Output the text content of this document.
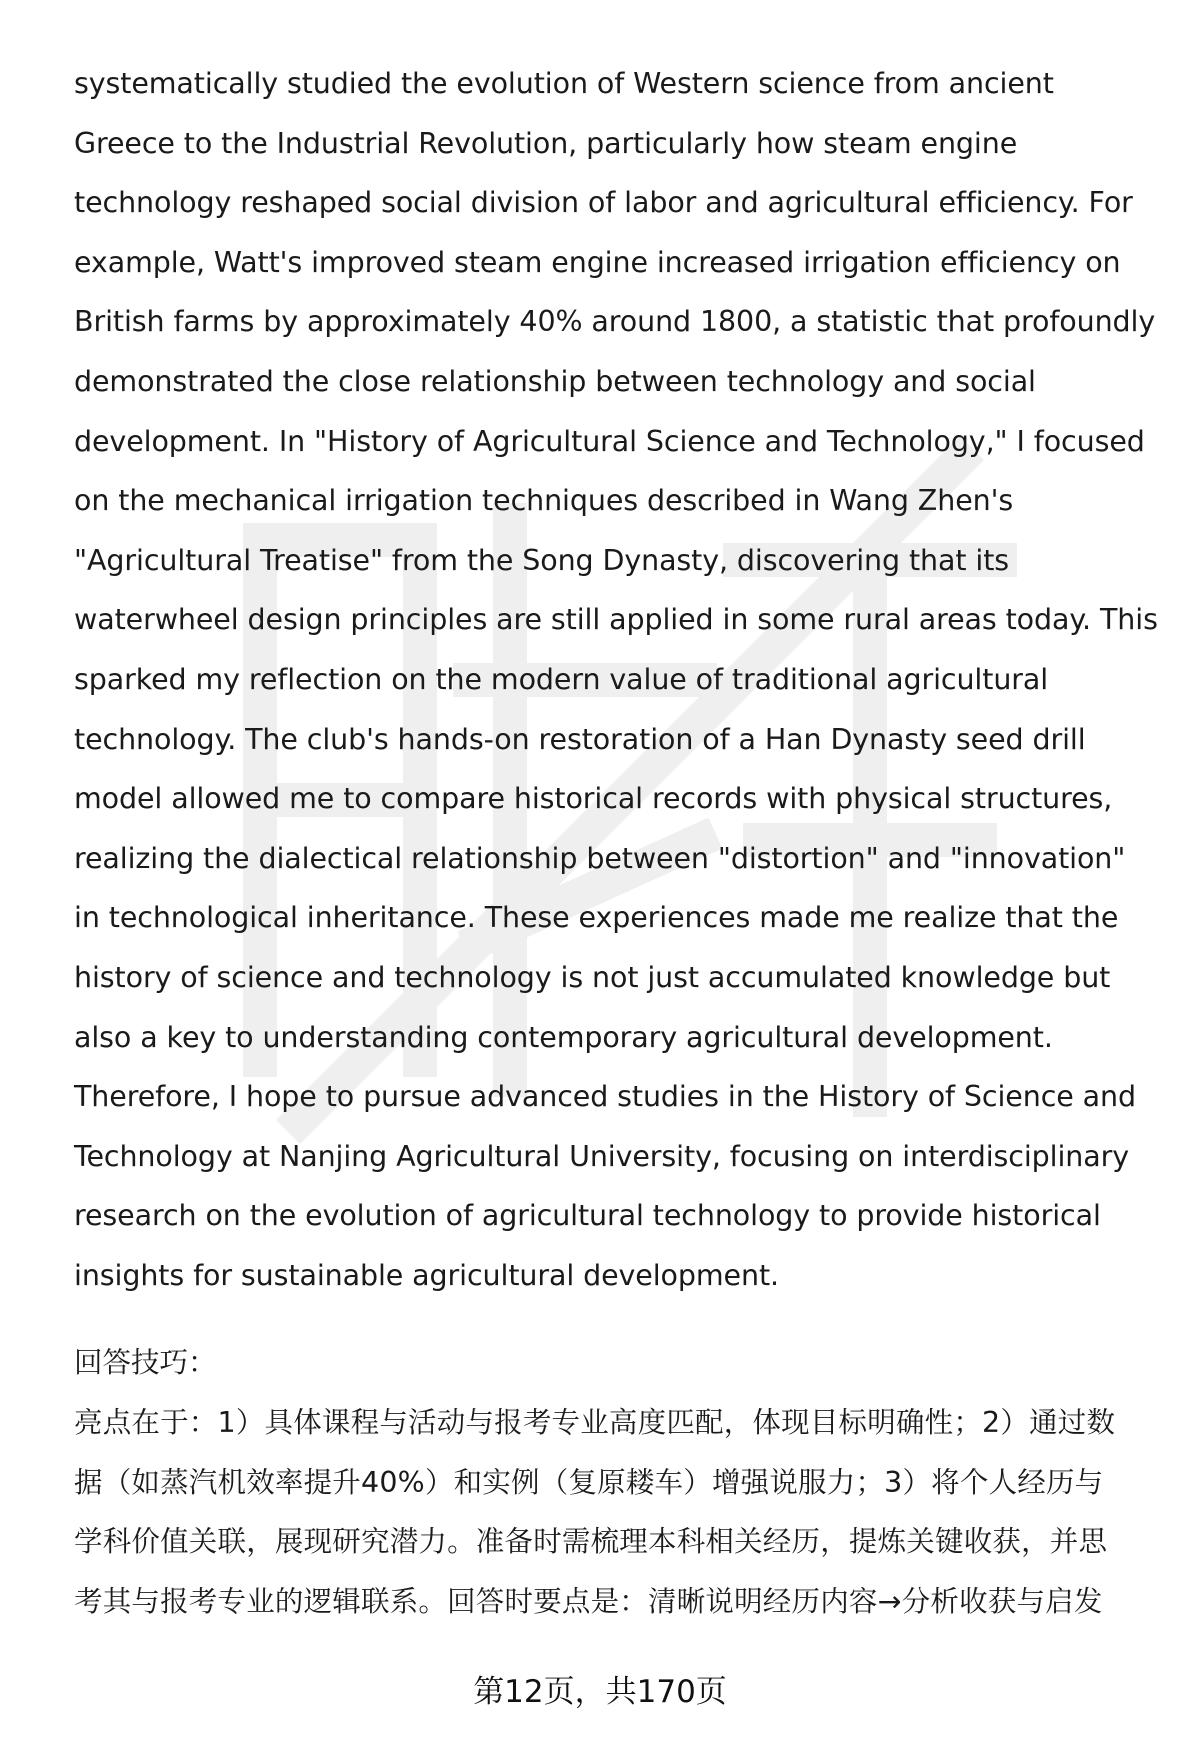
systematically studied the evolution of Western science from ancient
Greece to the Industrial Revolution, particularly how steam engine
technology reshaped social division of labor and agricultural efficiency. For
example, Watt's improved steam engine increased irrigation efficiency on
British farms by approximately 40% around 1800, a statistic that profoundly
demonstrated the close relationship between technology and social
development. In "History of Agricultural Science and Technology," I focused
on the mechanical irrigation techniques described in Wang Zhen's
"Agricultural Treatise" from the Song Dynasty, discovering that its
waterwheel design principles are still applied in some rural areas today. This
sparked my reflection on the modern value of traditional agricultural
technology. The club's hands-on restoration of a Han Dynasty seed drill
model allowed me to compare historical records with physical structures,
realizing the dialectical relationship between "distortion" and "innovation"
in technological inheritance. These experiences made me realize that the
history of science and technology is not just accumulated knowledge but
also a key to understanding contemporary agricultural development.
Therefore, I hope to pursue advanced studies in the History of Science and
Technology at Nanjing Agricultural University, focusing on interdisciplinary
research on the evolution of agricultural technology to provide historical
insights for sustainable agricultural development.
回答技巧：
亮点在于：1）具体课程与活动与报考专业高度匹配，体现目标明确性；2）通过数
据（如蒸汽机效率提升40%）和实例（复原耧车）增强说服力；3）将个人经历与
学科价值关联，展现研究潜力。准备时需梳理本科相关经历，提炼关键收获，并思
考其与报考专业的逻辑联系。回答时要点是：清晰说明经历内容→分析收获与启发
第12页，共170页
